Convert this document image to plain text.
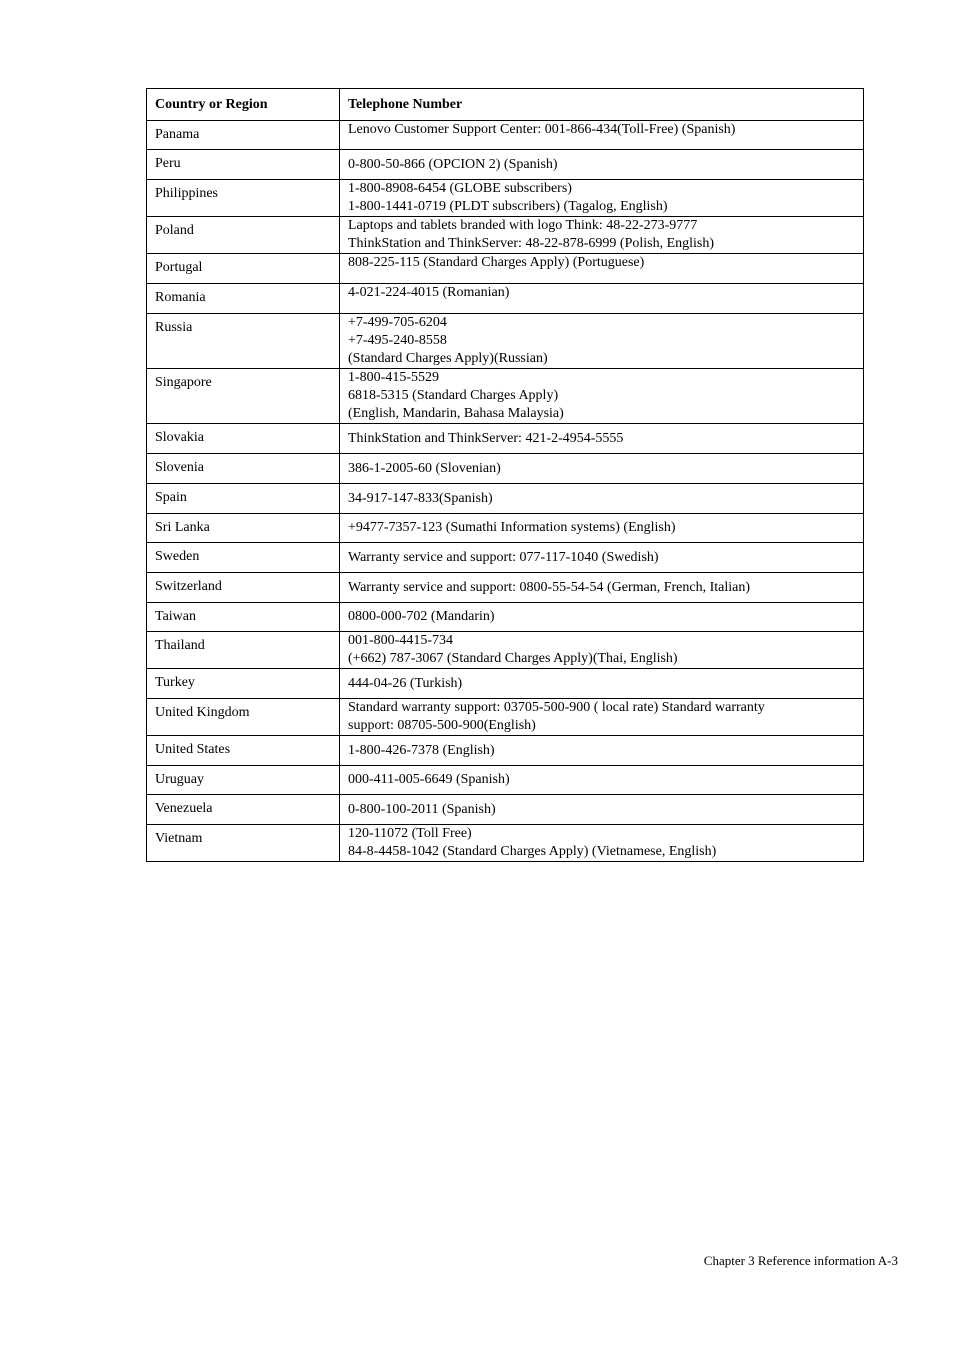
Country or Region	Telephone Number
Panama	Lenovo Customer Support Center: 001-866-434(Toll-Free) (Spanish)

Peru	0-800-50-866 (OPCION 2) (Spanish)

Philippines	1-800-8908-6454 (GLOBE subscribers)
1-800-1441-0719 (PLDT subscribers) (Tagalog, English)

Poland	Laptops and tablets branded with logo Think: 48-22-273-9777
ThinkStation and ThinkServer: 48-22-878-6999 (Polish, English)

Portugal	808-225-115 (Standard Charges Apply) (Portuguese)

Romania	4-021-224-4015 (Romanian)

Russia	+7-499-705-6204
+7-495-240-8558
(Standard Charges Apply)(Russian)

Singapore	1-800-415-5529
6818-5315 (Standard Charges Apply)
(English, Mandarin, Bahasa Malaysia)

Slovakia	ThinkStation and ThinkServer: 421-2-4954-5555

Slovenia	386-1-2005-60 (Slovenian)

Spain	34-917-147-833(Spanish)

Sri Lanka	+9477-7357-123 (Sumathi Information systems) (English)

Sweden	Warranty service and support: 077-117-1040 (Swedish)

Switzerland	Warranty service and support: 0800-55-54-54 (German, French, Italian)

Taiwan	0800-000-702 (Mandarin)

Thailand	001-800-4415-734
(+662) 787-3067 (Standard Charges Apply)(Thai, English)

Turkey	444-04-26 (Turkish)

United Kingdom	Standard warranty support: 03705-500-900 ( local rate) Standard warranty
support: 08705-500-900(English)

United States	1-800-426-7378 (English)

Uruguay	000-411-005-6649 (Spanish)

Venezuela	0-800-100-2011 (Spanish)

Vietnam	120-11072 (Toll Free)
84-8-4458-1042 (Standard Charges Apply) (Vietnamese, English)
Chapter 3 Reference information A-3
